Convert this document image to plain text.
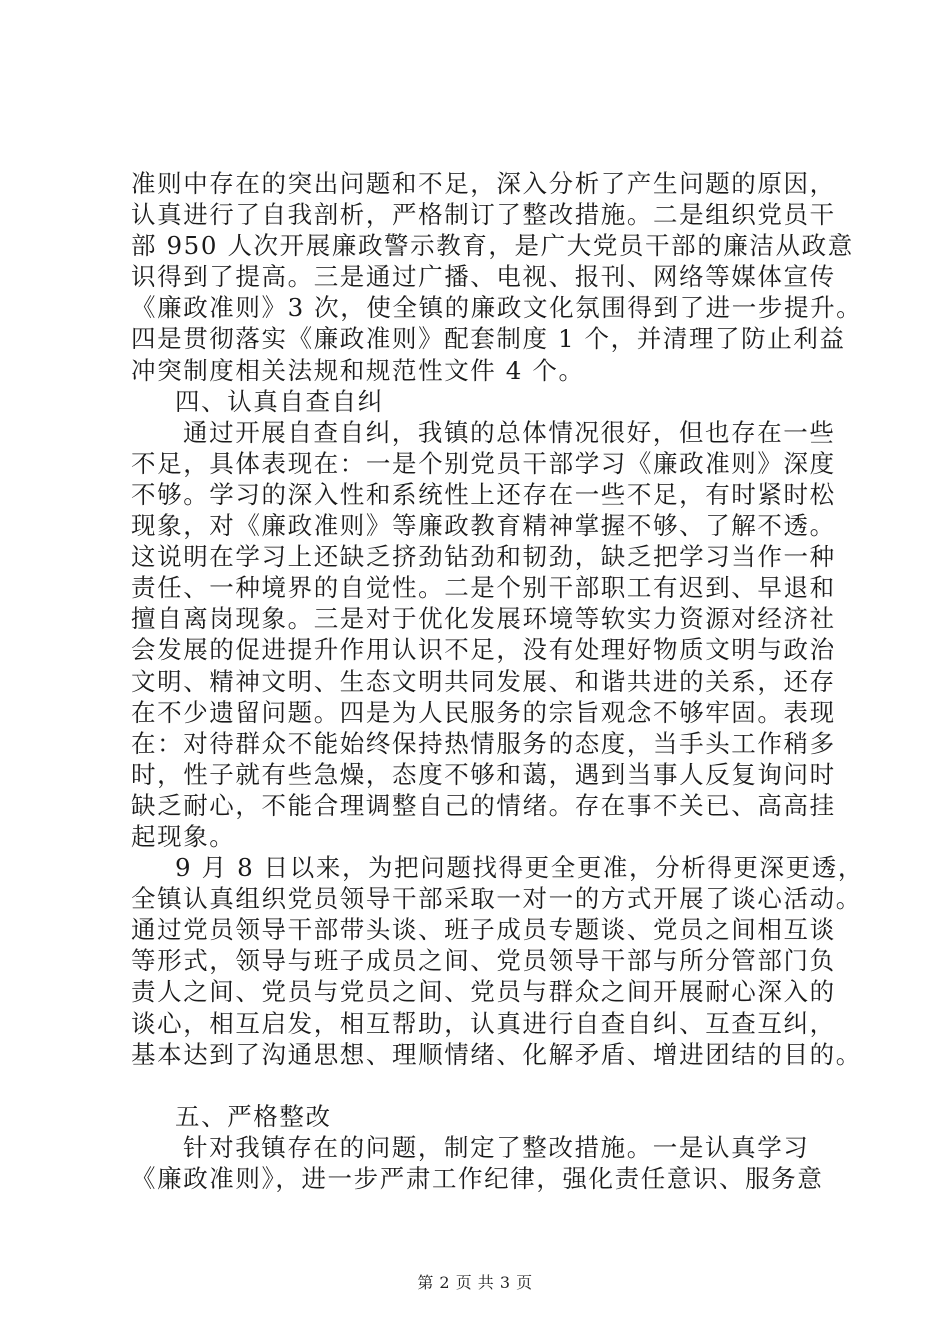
准则中存在的突出问题和不足，深入分析了产生问题的原因，
认真进行了自我剖析，严格制订了整改措施。二是组织党员干
部 950 人次开展廉政警示教育，是广大党员干部的廉洁从政意
识得到了提高。三是通过广播、电视、报刊、网络等媒体宣传
《廉政准则》3 次，使全镇的廉政文化氛围得到了进一步提升。
四是贯彻落实《廉政准则》配套制度 1 个，并清理了防止利益
冲突制度相关法规和规范性文件 4 个。
四、认真自查自纠
通过开展自查自纠，我镇的总体情况很好，但也存在一些
不足，具体表现在：一是个别党员干部学习《廉政准则》深度
不够。学习的深入性和系统性上还存在一些不足，有时紧时松
现象，对《廉政准则》等廉政教育精神掌握不够、了解不透。
这说明在学习上还缺乏挤劲钻劲和韧劲，缺乏把学习当作一种
责任、一种境界的自觉性。二是个别干部职工有迟到、早退和
擅自离岗现象。三是对于优化发展环境等软实力资源对经济社
会发展的促进提升作用认识不足，没有处理好物质文明与政治
文明、精神文明、生态文明共同发展、和谐共进的关系，还存
在不少遗留问题。四是为人民服务的宗旨观念不够牢固。表现
在：对待群众不能始终保持热情服务的态度，当手头工作稍多
时，性子就有些急燥，态度不够和蔼，遇到当事人反复询问时
缺乏耐心，不能合理调整自己的情绪。存在事不关已、高高挂
起现象。
9 月 8 日以来，为把问题找得更全更准，分析得更深更透，
全镇认真组织党员领导干部采取一对一的方式开展了谈心活动。
通过党员领导干部带头谈、班子成员专题谈、党员之间相互谈
等形式，领导与班子成员之间、党员领导干部与所分管部门负
责人之间、党员与党员之间、党员与群众之间开展耐心深入的
谈心，相互启发，相互帮助，认真进行自查自纠、互查互纠，
基本达到了沟通思想、理顺情绪、化解矛盾、增进团结的目的。
五、严格整改
针对我镇存在的问题，制定了整改措施。一是认真学习
《廉政准则》，进一步严肃工作纪律，强化责任意识、服务意
第 2 页 共 3 页
